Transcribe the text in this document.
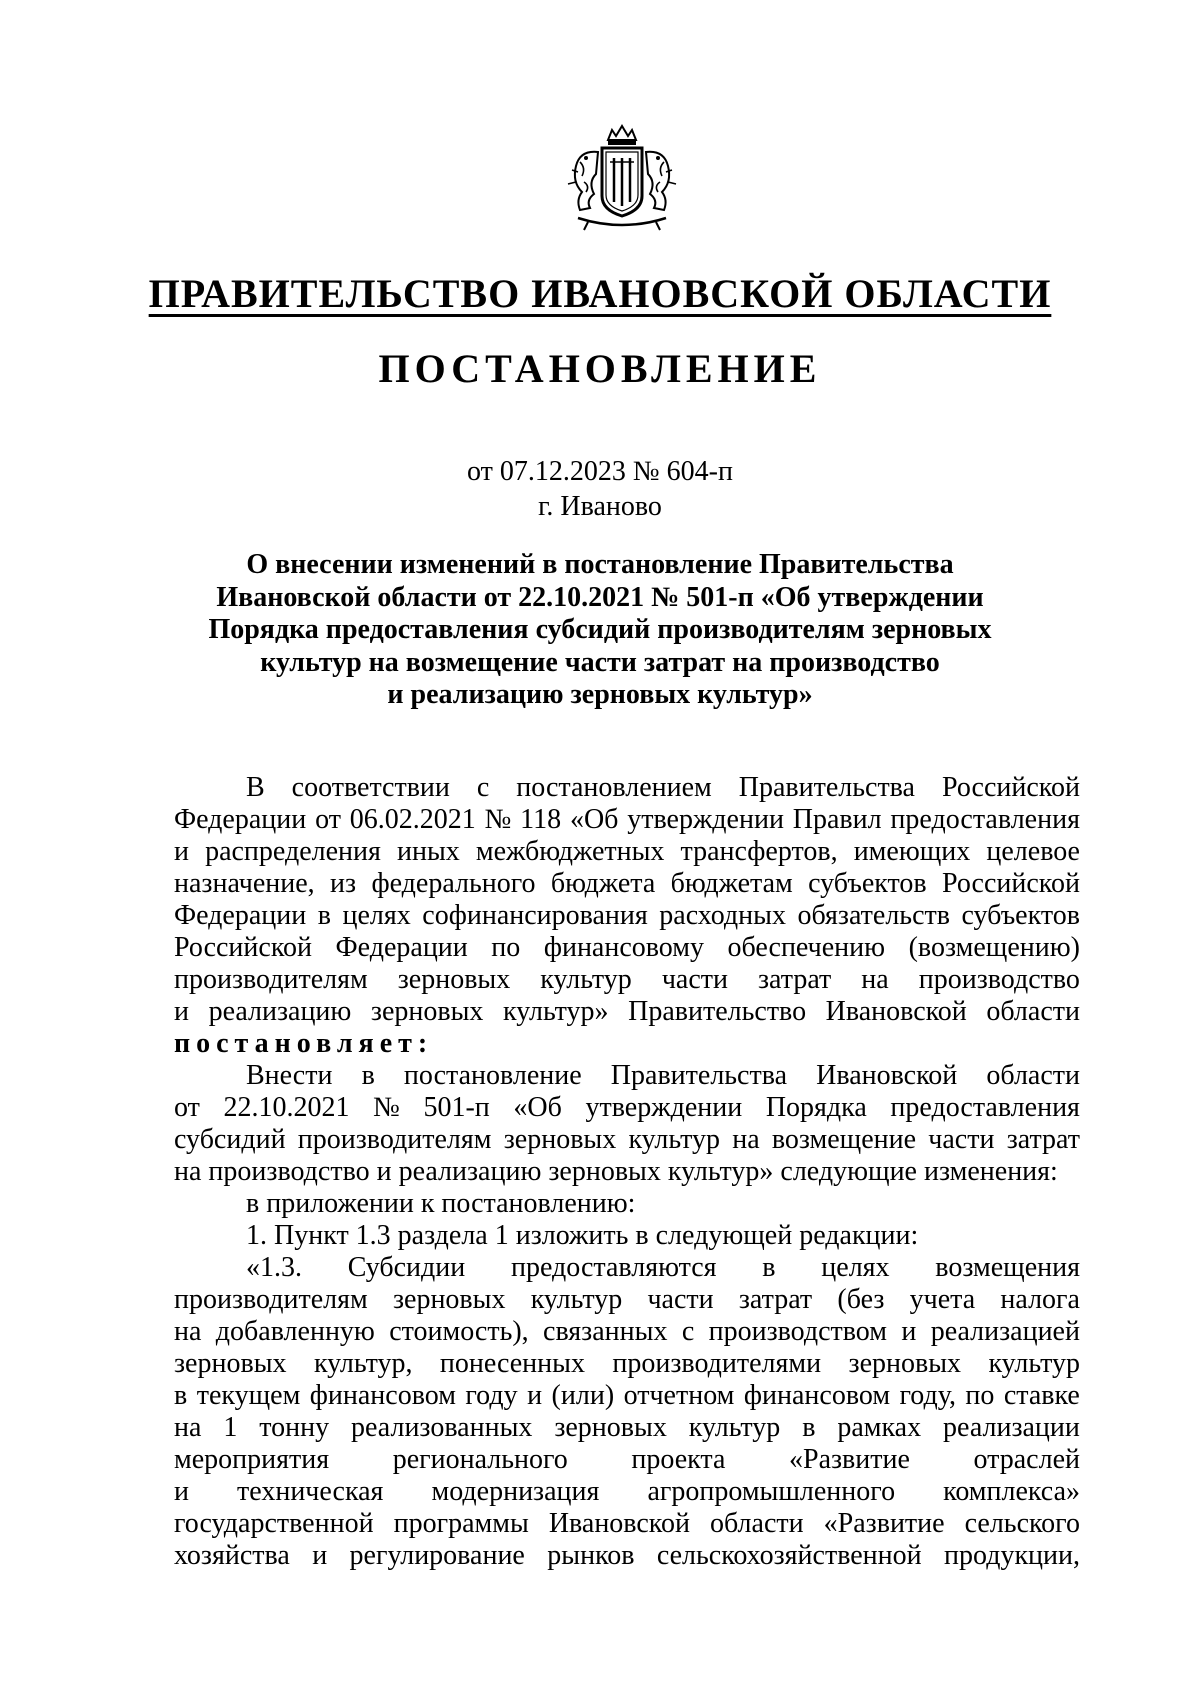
ПРАВИТЕЛЬСТВО ИВАНОВСКОЙ ОБЛАСТИ
ПОСТАНОВЛЕНИЕ
от 07.12.2023 № 604-п
г. Иваново
О внесении изменений в постановление Правительства
Ивановской области от 22.10.2021 № 501-п «Об утверждении
Порядка предоставления субсидий производителям зерновых
культур на возмещение части затрат на производство
и реализацию зерновых культур»
В соответствии с постановлением Правительства Российской
Федерации от 06.02.2021 № 118 «Об утверждении Правил предоставления
и распределения иных межбюджетных трансфертов, имеющих целевое
назначение, из федерального бюджета бюджетам субъектов Российской
Федерации в целях софинансирования расходных обязательств субъектов
Российской Федерации по финансовому обеспечению (возмещению)
производителям зерновых культур части затрат на производство
и реализацию зерновых культур» Правительство Ивановской области
постановляет:
Внести в постановление Правительства Ивановской области
от 22.10.2021 № 501-п «Об утверждении Порядка предоставления
субсидий производителям зерновых культур на возмещение части затрат
на производство и реализацию зерновых культур» следующие изменения:
в приложении к постановлению:
1. Пункт 1.3 раздела 1 изложить в следующей редакции:
«1.3. Субсидии предоставляются в целях возмещения
производителям зерновых культур части затрат (без учета налога
на добавленную стоимость), связанных с производством и реализацией
зерновых культур, понесенных производителями зерновых культур
в текущем финансовом году и (или) отчетном финансовом году, по ставке
на 1 тонну реализованных зерновых культур в рамках реализации
мероприятия регионального проекта «Развитие отраслей
и техническая модернизация агропромышленного комплекса»
государственной программы Ивановской области «Развитие сельского
хозяйства и регулирование рынков сельскохозяйственной продукции,
